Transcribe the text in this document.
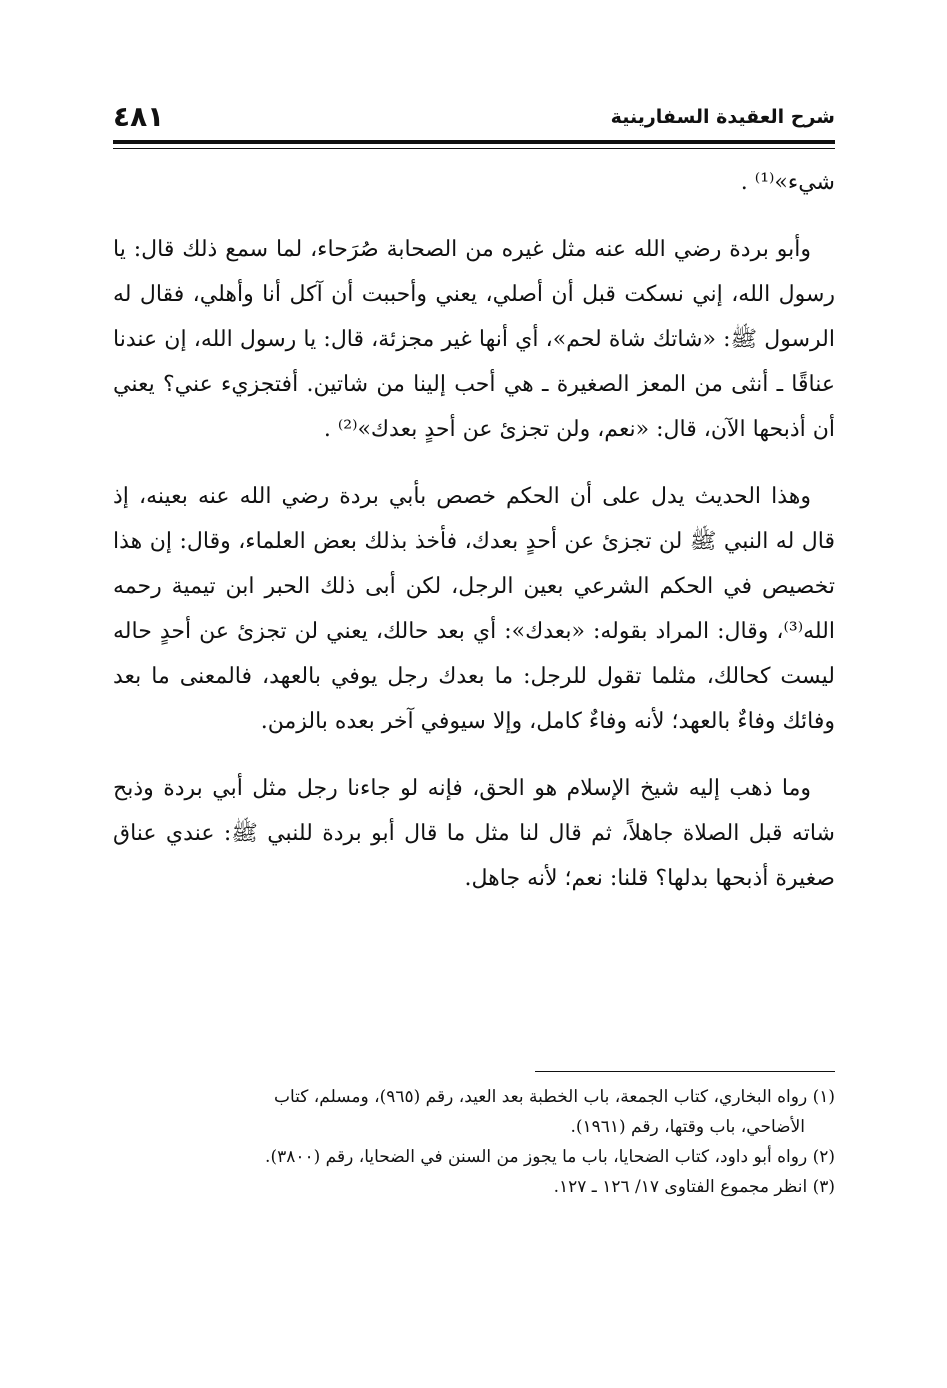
شرح العقيدة السفارينية
٤٨١

شيء»⁽¹⁾ .

وأبو بردة رضي الله عنه مثل غيره من الصحابة صُرَحاء، لما سمع ذلك قال: يا رسول الله، إني نسكت قبل أن أصلي، يعني وأحببت أن آكل أنا وأهلي، فقال له الرسول ﷺ: «شاتك شاة لحم»، أي أنها غير مجزئة، قال: يا رسول الله، إن عندنا عناقًا ـ أنثى من المعز الصغيرة ـ هي أحب إلينا من شاتين. أفتجزيء عني؟ يعني أن أذبحها الآن، قال: «نعم، ولن تجزئ عن أحدٍ بعدك»⁽²⁾ .

وهذا الحديث يدل على أن الحكم خصص بأبي بردة رضي الله عنه بعينه، إذ قال له النبي ﷺ لن تجزئ عن أحدٍ بعدك، فأخذ بذلك بعض العلماء، وقال: إن هذا تخصيص في الحكم الشرعي بعين الرجل، لكن أبى ذلك الحبر ابن تيمية رحمه الله⁽³⁾، وقال: المراد بقوله: «بعدك»: أي بعد حالك، يعني لن تجزئ عن أحدٍ حاله ليست كحالك، مثلما تقول للرجل: ما بعدك رجل يوفي بالعهد، فالمعنى ما بعد وفائك وفاءٌ بالعهد؛ لأنه وفاءٌ كامل، وإلا سيوفي آخر بعده بالزمن.

وما ذهب إليه شيخ الإسلام هو الحق، فإنه لو جاءنا رجل مثل أبي بردة وذبح شاته قبل الصلاة جاهلاً، ثم قال لنا مثل ما قال أبو بردة للنبي ﷺ: عندي عناق صغيرة أذبحها بدلها؟ قلنا: نعم؛ لأنه جاهل.

(١) رواه البخاري، كتاب الجمعة، باب الخطبة بعد العيد، رقم (٩٦٥)، ومسلم، كتاب

الأضاحي، باب وقتها، رقم (١٩٦١).

(٢) رواه أبو داود، كتاب الضحايا، باب ما يجوز من السنن في الضحايا، رقم (٣٨٠٠).

(٣) انظر مجموع الفتاوى ١٧/ ١٢٦ ـ ١٢٧.
